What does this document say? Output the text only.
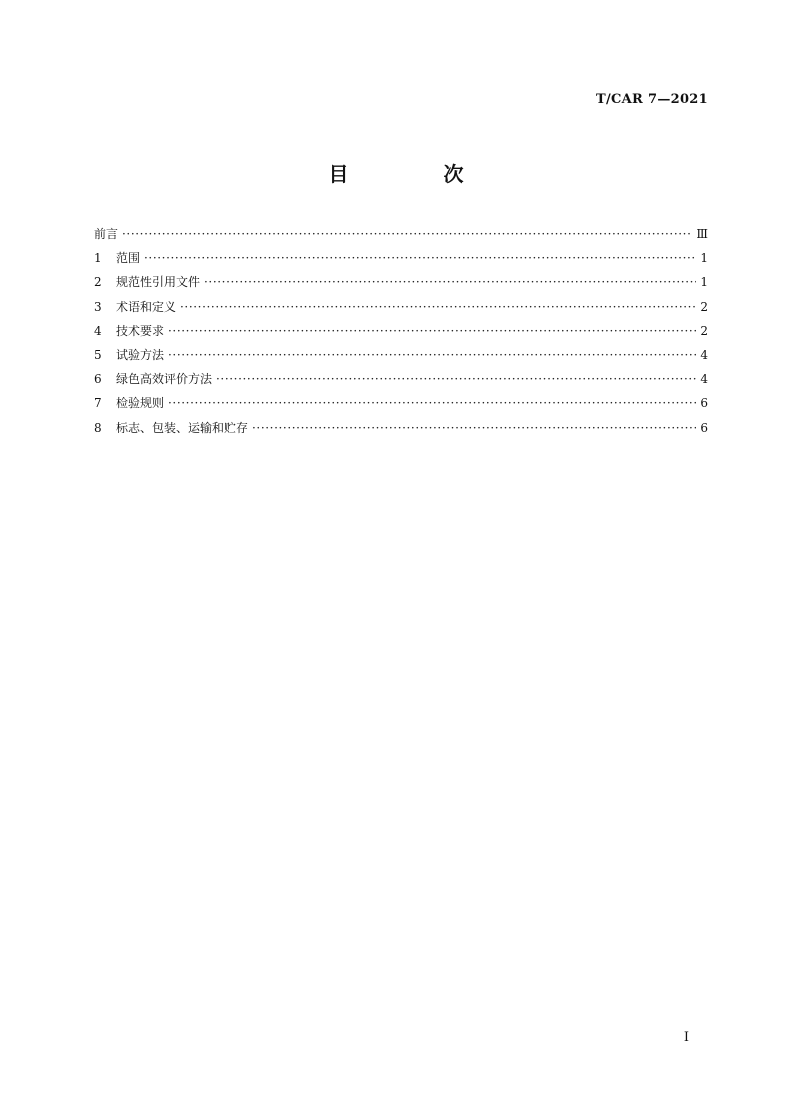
T/CAR 7—2021
目 次
前言 ·····	Ⅲ
1	范围 ·····	1
2	规范性引用文件 ·····	1
3	术语和定义 ·····	2
4	技术要求 ·····	2
5	试验方法 ·····	4
6	绿色高效评价方法 ·····	4
7	检验规则 ·····	6
8	标志、包装、运输和贮存 ·····	6
I
